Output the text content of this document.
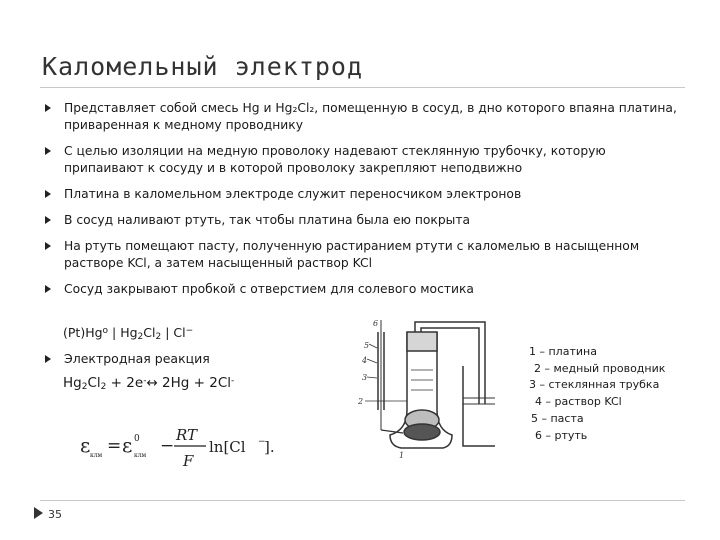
Каломельный электрод
Представляет собой смесь Hg и Hg₂Cl₂, помещенную в сосуд, в дно которого впаяна платина, приваренная к медному проводнику
С целью изоляции на медную проволоку надевают стеклянную трубочку, которую припаивают к сосуду и в которой проволоку закрепляют неподвижно
Платина в каломельном электроде служит переносчиком электронов
В сосуд наливают ртуть, так чтобы платина была ею покрыта
На ртуть помещают пасту, полученную растиранием ртути с каломелью в насыщенном растворе KCl, а затем насыщенный раствор KCl
Сосуд закрывают пробкой с отверстием для солевого мостика
(Pt)Hg$^o$ | $Hg_2Cl_2$ | Cl−
Электродная реакция
$Hg_2Cl_2$ + 2e-↔ 2Hg + 2Cl-
ε клм = ε 0
клм −
RT
F
ln[Cl −
].
6
5
4
3
2
1
1 – платина
2 – медный проводник
3 – стеклянная трубка
4 – раствор KCl
5 – паста
6 – ртуть
35
